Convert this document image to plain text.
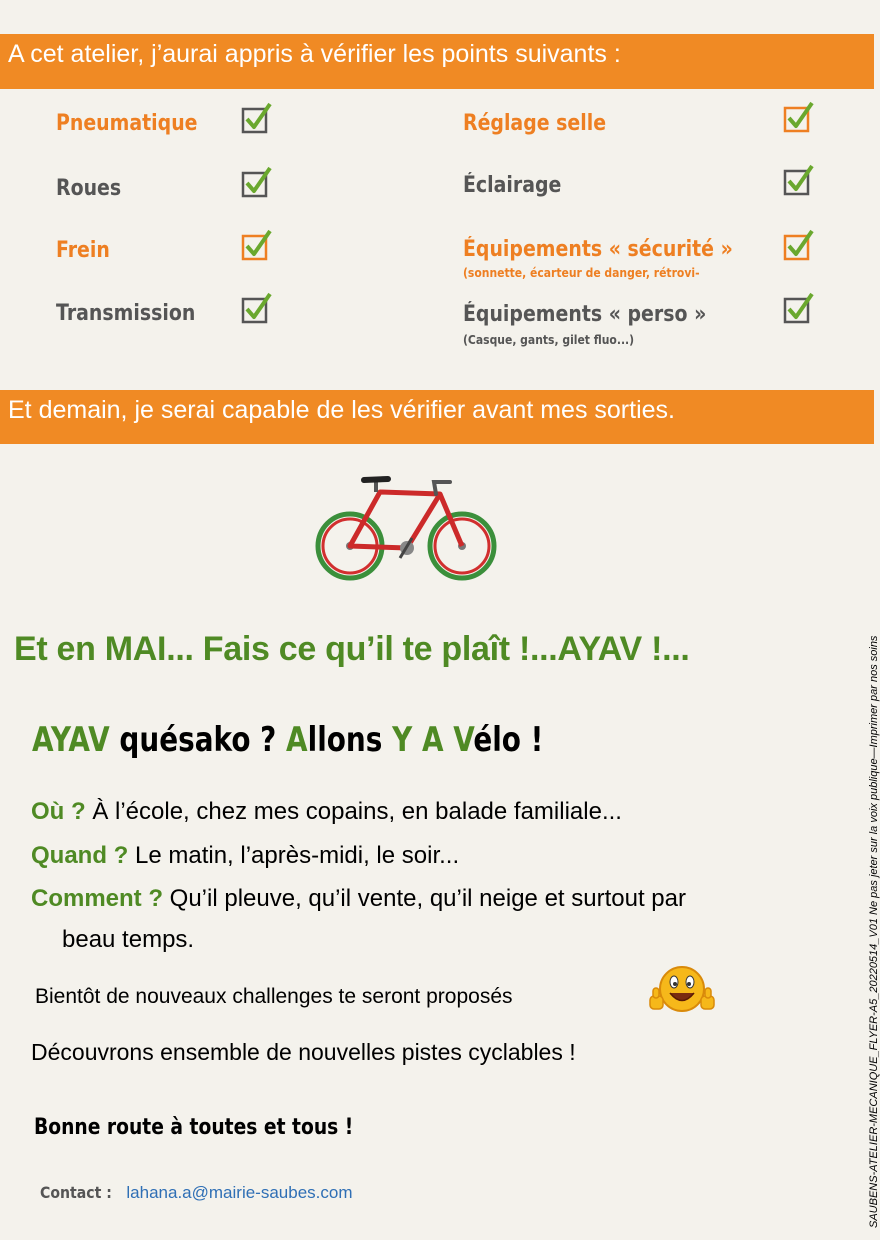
A cet atelier, j’aurai appris à vérifier les points suivants :
Pneumatique
Roues
Frein
Transmission
Réglage selle
Éclairage
Équipements « sécurité »
(sonnette, écarteur de danger, rétrovi-
Équipements « perso »
(Casque, gants, gilet fluo...)
Et demain, je serai capable de les vérifier avant mes sorties.
Et en MAI... Fais ce qu’il te plaît !...AYAV !...
AYAV quésako ? Allons Y A Vélo !
Où ? À l’école, chez mes copains, en balade familiale...
Quand ? Le matin, l’après-midi, le soir...
Comment ? Qu’il pleuve, qu’il vente, qu’il neige et surtout par
beau temps.
Bientôt de nouveaux challenges te seront proposés
Découvrons ensemble de nouvelles pistes cyclables !
Bonne route à toutes et tous !
Contact : lahana.a@mairie-saubes.com	SAUBENS-ATELIER-MECANIQUE_FLYER-A5_20220514_V01 Ne pas jeter sur la voix publique—Imprimer par nos soins
